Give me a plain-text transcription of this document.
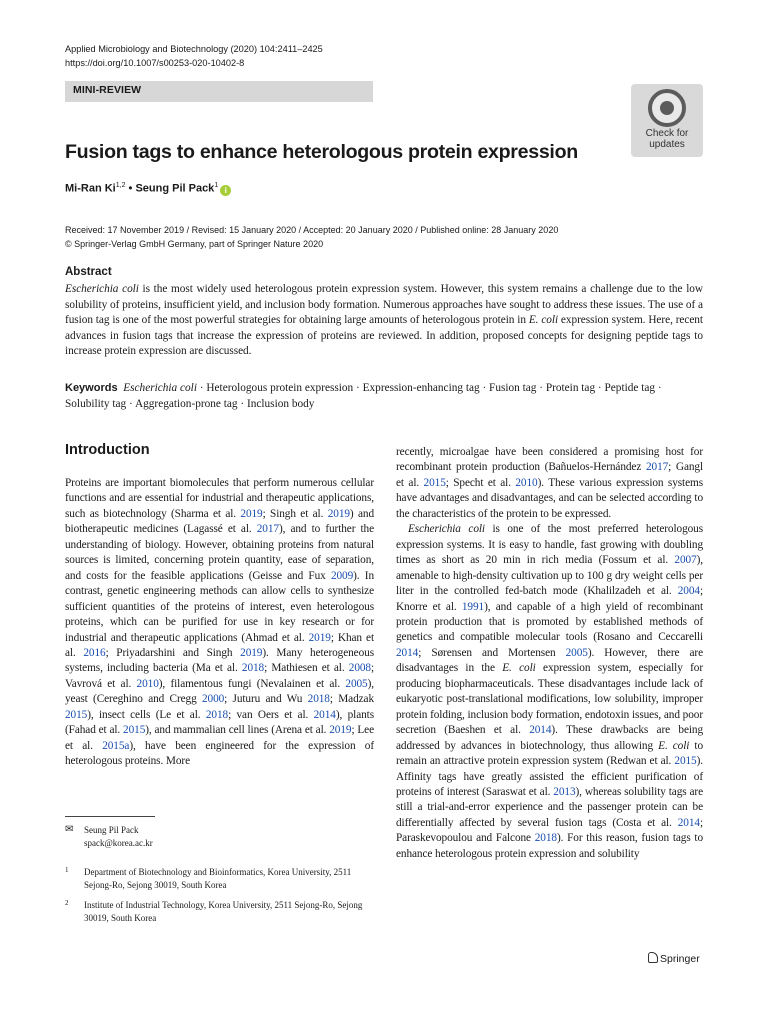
Applied Microbiology and Biotechnology (2020) 104:2411–2425
https://doi.org/10.1007/s00253-020-10402-8
MINI-REVIEW
Check for
updates
Fusion tags to enhance heterologous protein expression
Mi-Ran Ki$^{1,2}$ • Seung Pil Pack$^1$i
Received: 17 November 2019 / Revised: 15 January 2020 / Accepted: 20 January 2020 / Published online: 28 January 2020
© Springer-Verlag GmbH Germany, part of Springer Nature 2020
Abstract
Escherichia coli is the most widely used heterologous protein expression system. However, this system remains a challenge due to the low solubility of proteins, insufficient yield, and inclusion body formation. Numerous approaches have sought to address these issues. The use of a fusion tag is one of the most powerful strategies for obtaining large amounts of heterologous protein in E. coli expression system. Here, recent advances in fusion tags that increase the expression of proteins are reviewed. In addition, proposed concepts for designing peptide tags to increase protein expression are discussed.
Keywords Escherichia coli · Heterologous protein expression · Expression-enhancing tag · Fusion tag · Protein tag · Peptide tag · Solubility tag · Aggregation-prone tag · Inclusion body
Introduction

Proteins are important biomolecules that perform numerous cellular functions and are essential for industrial and therapeutic applications, such as biotechnology (Sharma et al. 2019; Singh et al. 2019) and biotherapeutic medicines (Lagassé et al. 2017), and to further the understanding of biology. However, obtaining proteins from natural sources is limited, concerning protein quantity, ease of separation, and costs for the feasible applications (Geisse and Fux 2009). In contrast, genetic engineering methods can allow cells to synthesize sufficient quantities of the proteins of interest, even heterologous proteins, which can be purified for use in key research or for industrial and therapeutic applications (Ahmad et al. 2019; Khan et al. 2016; Priyadarshini and Singh 2019). Many heterogeneous systems, including bacteria (Ma et al. 2018; Mathiesen et al. 2008; Vavrová et al. 2010), filamentous fungi (Nevalainen et al. 2005), yeast (Cereghino and Cregg 2000; Juturu and Wu 2018; Madzak 2015), insect cells (Le et al. 2018; van Oers et al. 2014), plants (Fahad et al. 2015), and mammalian cell lines (Arena et al. 2019; Lee et al. 2015a), have been engineered for the expression of heterologous proteins. More

✉ Seung Pil Pack
spack@korea.ac.kr
1 Department of Biotechnology and Bioinformatics, Korea University, 2511 Sejong-Ro, Sejong 30019, South Korea
2 Institute of Industrial Technology, Korea University, 2511 Sejong-Ro, Sejong 30019, South Korea

recently, microalgae have been considered a promising host for recombinant protein production (Bañuelos-Hernández 2017; Gangl et al. 2015; Specht et al. 2010). These various expression systems have advantages and disadvantages, and can be selected according to the characteristics of the protein to be expressed.

Escherichia coli is one of the most preferred heterologous expression systems. It is easy to handle, fast growing with doubling times as short as 20 min in rich media (Fossum et al. 2007), amenable to high-density cultivation up to 100 g dry weight cells per liter in the controlled fed-batch mode (Khalilzadeh et al. 2004; Knorre et al. 1991), and capable of a high yield of recombinant protein production that is promoted by established methods of genetics and compatible molecular tools (Rosano and Ceccarelli 2014; Sørensen and Mortensen 2005). However, there are disadvantages in the E. coli expression system, especially for producing biopharmaceuticals. These disadvantages include lack of eukaryotic post-translational modifications, low solubility, improper protein folding, inclusion body formation, endotoxin issues, and poor secretion (Baeshen et al. 2014). These drawbacks are being addressed by advances in biotechnology, thus allowing E. coli to remain an attractive protein expression system (Redwan et al. 2015). Affinity tags have greatly assisted the efficient purification of proteins of interest (Saraswat et al. 2013), whereas solubility tags are still a trial-and-error experience and the passenger protein can be differentially affected by several fusion tags (Costa et al. 2014; Paraskevopoulou and Falcone 2018). For this reason, fusion tags to enhance heterologous protein expression and solubility

Springer
